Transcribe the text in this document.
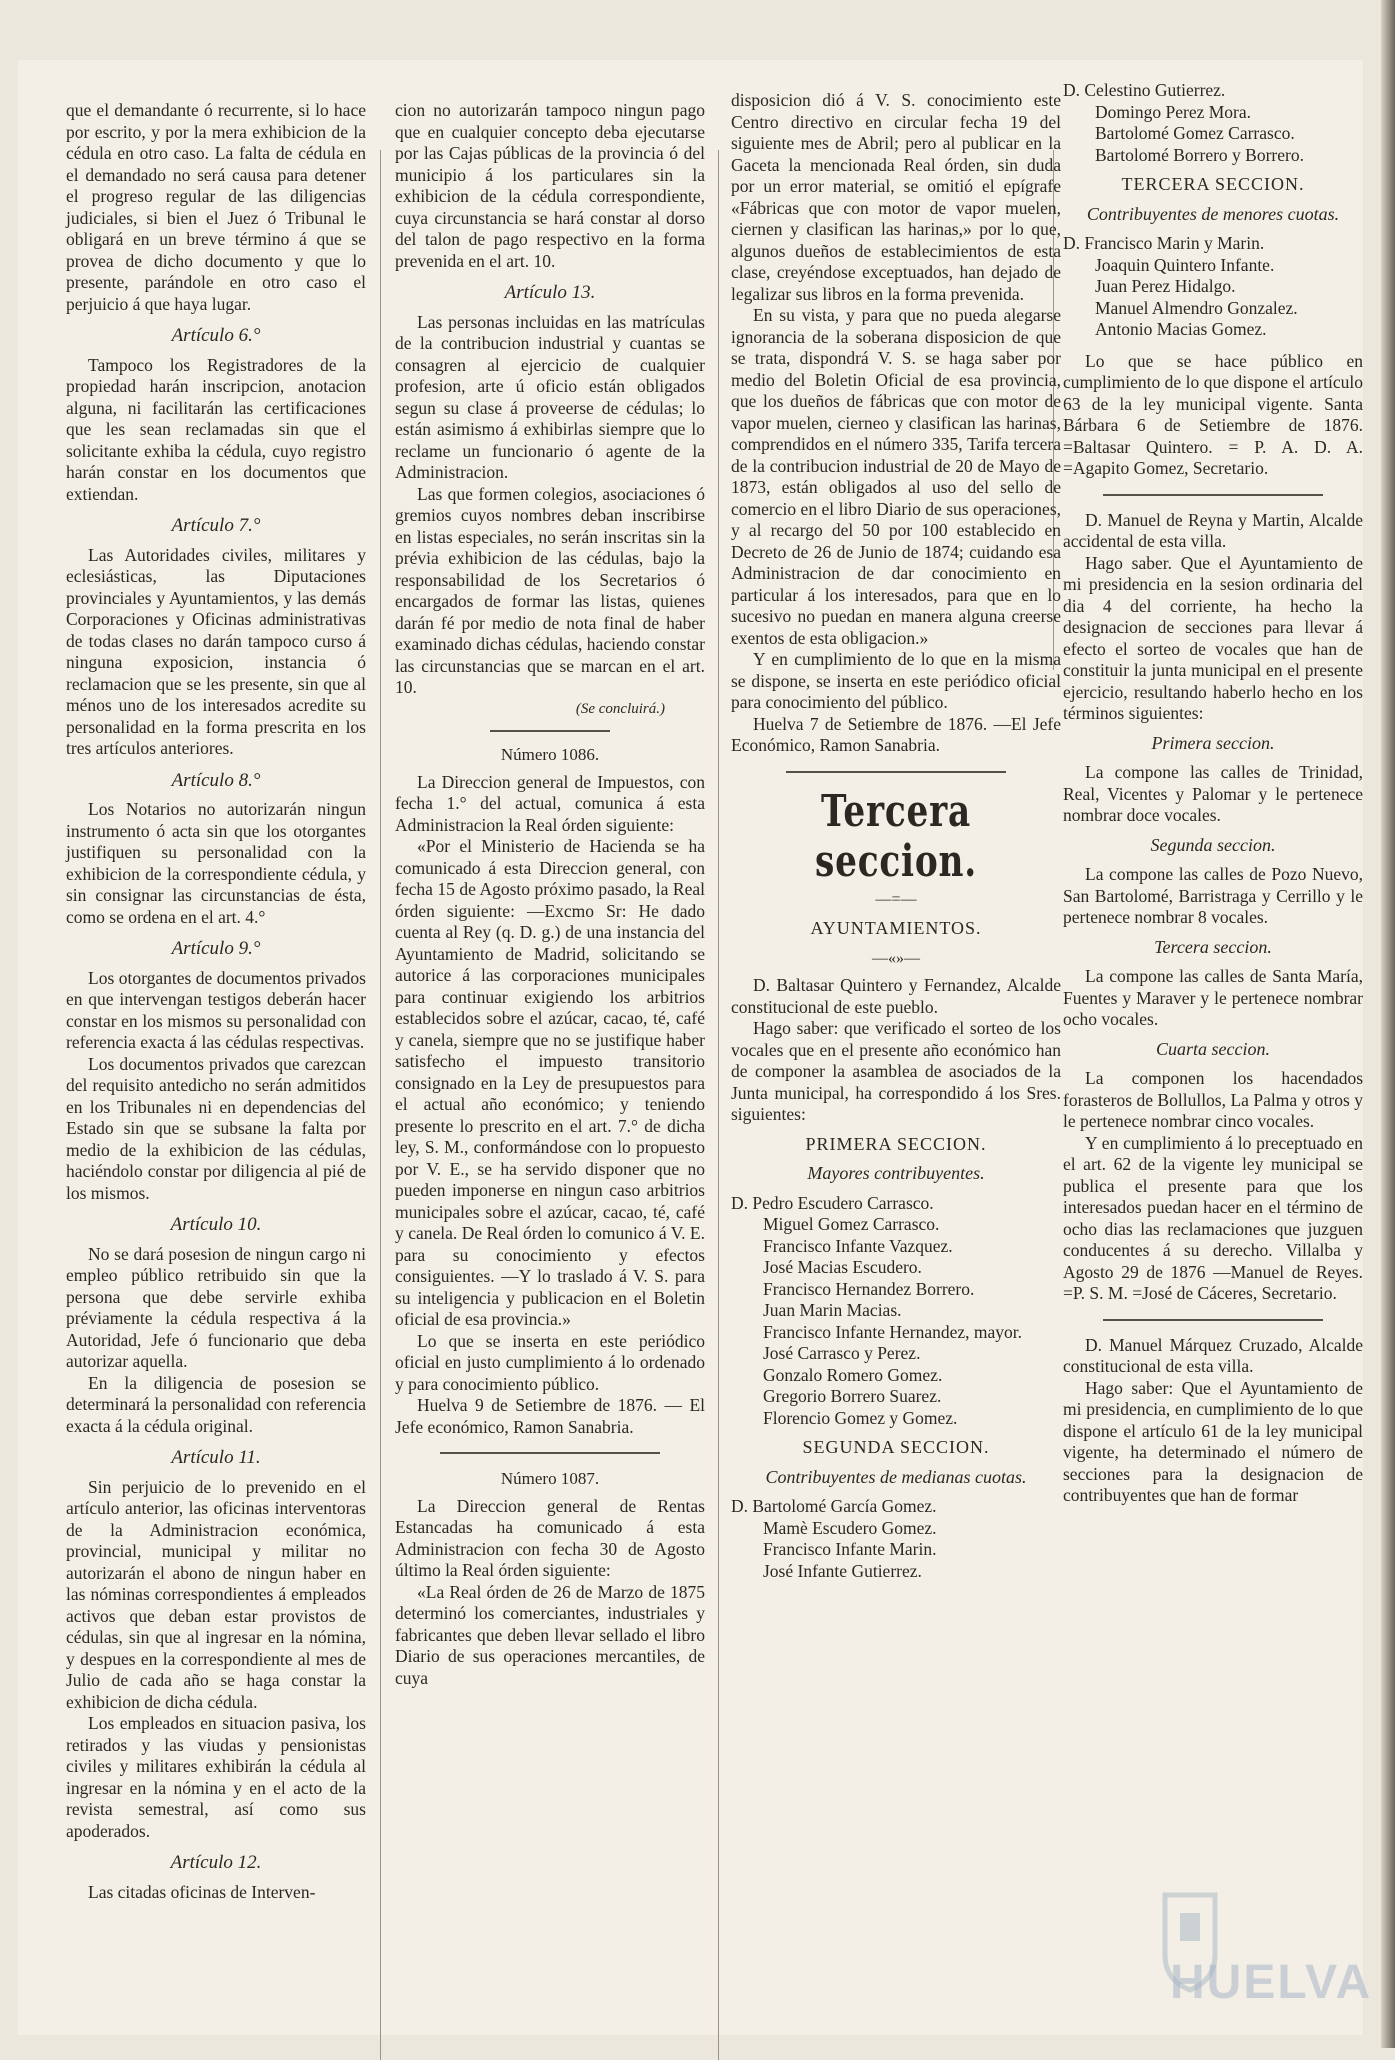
que el demandante ó recurrente, si lo hace por escrito, y por la mera exhibicion de la cédula en otro caso. La falta de cédula en el demandado no será causa para detener el progreso regular de las diligencias judiciales, si bien el Juez ó Tribunal le obligará en un breve término á que se provea de dicho documento y que lo presente, parándole en otro caso el perjuicio á que haya lugar.

Artículo 6.°

Tampoco los Registradores de la propiedad harán inscripcion, anotacion alguna, ni facilitarán las certificaciones que les sean reclamadas sin que el solicitante exhiba la cédula, cuyo registro harán constar en los documentos que extiendan.

Artículo 7.°

Las Autoridades civiles, militares y eclesiásticas, las Diputaciones provinciales y Ayuntamientos, y las demás Corporaciones y Oficinas administrativas de todas clases no darán tampoco curso á ninguna exposicion, instancia ó reclamacion que se les presente, sin que al ménos uno de los interesados acredite su personalidad en la forma prescrita en los tres artículos anteriores.

Artículo 8.°

Los Notarios no autorizarán ningun instrumento ó acta sin que los otorgantes justifiquen su personalidad con la exhibicion de la correspondiente cédula, y sin consignar las circunstancias de ésta, como se ordena en el art. 4.°

Artículo 9.°

Los otorgantes de documentos privados en que intervengan testigos deberán hacer constar en los mismos su personalidad con referencia exacta á las cédulas respectivas.

Los documentos privados que carezcan del requisito antedicho no serán admitidos en los Tribunales ni en dependencias del Estado sin que se subsane la falta por medio de la exhibicion de las cédulas, haciéndolo constar por diligencia al pié de los mismos.

Artículo 10.

No se dará posesion de ningun cargo ni empleo público retribuido sin que la persona que debe servirle exhiba préviamente la cédula respectiva á la Autoridad, Jefe ó funcionario que deba autorizar aquella.

En la diligencia de posesion se determinará la personalidad con referencia exacta á la cédula original.

Artículo 11.

Sin perjuicio de lo prevenido en el artículo anterior, las oficinas interventoras de la Administracion económica, provincial, municipal y militar no autorizarán el abono de ningun haber en las nóminas correspondientes á empleados activos que deban estar provistos de cédulas, sin que al ingresar en la nómina, y despues en la correspondiente al mes de Julio de cada año se haga constar la exhibicion de dicha cédula.

Los empleados en situacion pasiva, los retirados y las viudas y pensionistas civiles y militares exhibirán la cédula al ingresar en la nómina y en el acto de la revista semestral, así como sus apoderados.

Artículo 12.

Las citadas oficinas de Interven-

cion no autorizarán tampoco ningun pago que en cualquier concepto deba ejecutarse por las Cajas públicas de la provincia ó del municipio á los particulares sin la exhibicion de la cédula correspondiente, cuya circunstancia se hará constar al dorso del talon de pago respectivo en la forma prevenida en el art. 10.

Artículo 13.

Las personas incluidas en las matrículas de la contribucion industrial y cuantas se consagren al ejercicio de cualquier profesion, arte ú oficio están obligados segun su clase á proveerse de cédulas; lo están asimismo á exhibirlas siempre que lo reclame un funcionario ó agente de la Administracion.

Las que formen colegios, asociaciones ó gremios cuyos nombres deban inscribirse en listas especiales, no serán inscritas sin la prévia exhibicion de las cédulas, bajo la responsabilidad de los Secretarios ó encargados de formar las listas, quienes darán fé por medio de nota final de haber examinado dichas cédulas, haciendo constar las circunstancias que se marcan en el art. 10.

(Se concluirá.)
Número 1086.

La Direccion general de Impuestos, con fecha 1.° del actual, comunica á esta Administracion la Real órden siguiente:

«Por el Ministerio de Hacienda se ha comunicado á esta Direccion general, con fecha 15 de Agosto próximo pasado, la Real órden siguiente: —Excmo Sr: He dado cuenta al Rey (q. D. g.) de una instancia del Ayuntamiento de Madrid, solicitando se autorice á las corporaciones municipales para continuar exigiendo los arbitrios establecidos sobre el azúcar, cacao, té, café y canela, siempre que no se justifique haber satisfecho el impuesto transitorio consignado en la Ley de presupuestos para el actual año económico; y teniendo presente lo prescrito en el art. 7.° de dicha ley, S. M., conformándose con lo propuesto por V. E., se ha servido disponer que no pueden imponerse en ningun caso arbitrios municipales sobre el azúcar, cacao, té, café y canela. De Real órden lo comunico á V. E. para su conocimiento y efectos consiguientes. —Y lo traslado á V. S. para su inteligencia y publicacion en el Boletin oficial de esa provincia.»

Lo que se inserta en este periódico oficial en justo cumplimiento á lo ordenado y para conocimiento público.

Huelva 9 de Setiembre de 1876. — El Jefe económico, Ramon Sanabria.

Número 1087.

La Direccion general de Rentas Estancadas ha comunicado á esta Administracion con fecha 30 de Agosto último la Real órden siguiente:

«La Real órden de 26 de Marzo de 1875 determinó los comerciantes, industriales y fabricantes que deben llevar sellado el libro Diario de sus operaciones mercantiles, de cuya

disposicion dió á V. S. conocimiento este Centro directivo en circular fecha 19 del siguiente mes de Abril; pero al publicar en la Gaceta la mencionada Real órden, sin duda por un error material, se omitió el epígrafe «Fábricas que con motor de vapor muelen, ciernen y clasifican las harinas,» por lo que, algunos dueños de establecimientos de esta clase, creyéndose exceptuados, han dejado de legalizar sus libros en la forma prevenida.

En su vista, y para que no pueda alegarse ignorancia de la soberana disposicion de que se trata, dispondrá V. S. se haga saber por medio del Boletin Oficial de esa provincia, que los dueños de fábricas que con motor de vapor muelen, cierneo y clasifican las harinas, comprendidos en el número 335, Tarifa tercera de la contribucion industrial de 20 de Mayo de 1873, están obligados al uso del sello de comercio en el libro Diario de sus operaciones, y al recargo del 50 por 100 establecido en Decreto de 26 de Junio de 1874; cuidando esa Administracion de dar conocimiento en particular á los interesados, para que en lo sucesivo no puedan en manera alguna creerse exentos de esta obligacion.»

Y en cumplimiento de lo que en la misma se dispone, se inserta en este periódico oficial para conocimiento del público.

Huelva 7 de Setiembre de 1876. —El Jefe Económico, Ramon Sanabria.

Tercera seccion.
—=—
AYUNTAMIENTOS.
—«»—

D. Baltasar Quintero y Fernandez, Alcalde constitucional de este pueblo.

Hago saber: que verificado el sorteo de los vocales que en el presente año económico han de componer la asamblea de asociados de la Junta municipal, ha correspondido á los Sres. siguientes:

PRIMERA SECCION.
Mayores contribuyentes.

D. Pedro Escudero Carrasco.

Miguel Gomez Carrasco.

Francisco Infante Vazquez.

José Macias Escudero.

Francisco Hernandez Borrero.

Juan Marin Macias.

Francisco Infante Hernandez, mayor.

José Carrasco y Perez.

Gonzalo Romero Gomez.

Gregorio Borrero Suarez.

Florencio Gomez y Gomez.

SEGUNDA SECCION.
Contribuyentes de medianas cuotas.

D. Bartolomé García Gomez.

Mamè Escudero Gomez.

Francisco Infante Marin.

José Infante Gutierrez.

D. Celestino Gutierrez.

Domingo Perez Mora.

Bartolomé Gomez Carrasco.

Bartolomé Borrero y Borrero.

TERCERA SECCION.
Contribuyentes de menores cuotas.

D. Francisco Marin y Marin.

Joaquin Quintero Infante.

Juan Perez Hidalgo.

Manuel Almendro Gonzalez.

Antonio Macias Gomez.

Lo que se hace público en cumplimiento de lo que dispone el artículo 63 de la ley municipal vigente. Santa Bárbara 6 de Setiembre de 1876. =Baltasar Quintero. = P. A. D. A. =Agapito Gomez, Secretario.

D. Manuel de Reyna y Martin, Alcalde accidental de esta villa.

Hago saber. Que el Ayuntamiento de mi presidencia en la sesion ordinaria del dia 4 del corriente, ha hecho la designacion de secciones para llevar á efecto el sorteo de vocales que han de constituir la junta municipal en el presente ejercicio, resultando haberlo hecho en los términos siguientes:

Primera seccion.

La compone las calles de Trinidad, Real, Vicentes y Palomar y le pertenece nombrar doce vocales.

Segunda seccion.

La compone las calles de Pozo Nuevo, San Bartolomé, Barristraga y Cerrillo y le pertenece nombrar 8 vocales.

Tercera seccion.

La compone las calles de Santa María, Fuentes y Maraver y le pertenece nombrar ocho vocales.

Cuarta seccion.

La componen los hacendados forasteros de Bollullos, La Palma y otros y le pertenece nombrar cinco vocales.

Y en cumplimiento á lo preceptuado en el art. 62 de la vigente ley municipal se publica el presente para que los interesados puedan hacer en el término de ocho dias las reclamaciones que juzguen conducentes á su derecho. Villalba y Agosto 29 de 1876 —Manuel de Reyes. =P. S. M. =José de Cáceres, Secretario.

D. Manuel Márquez Cruzado, Alcalde constitucional de esta villa.

Hago saber: Que el Ayuntamiento de mi presidencia, en cumplimiento de lo que dispone el artículo 61 de la ley municipal vigente, ha determinado el número de secciones para la designacion de contribuyentes que han de formar

HUELVA
